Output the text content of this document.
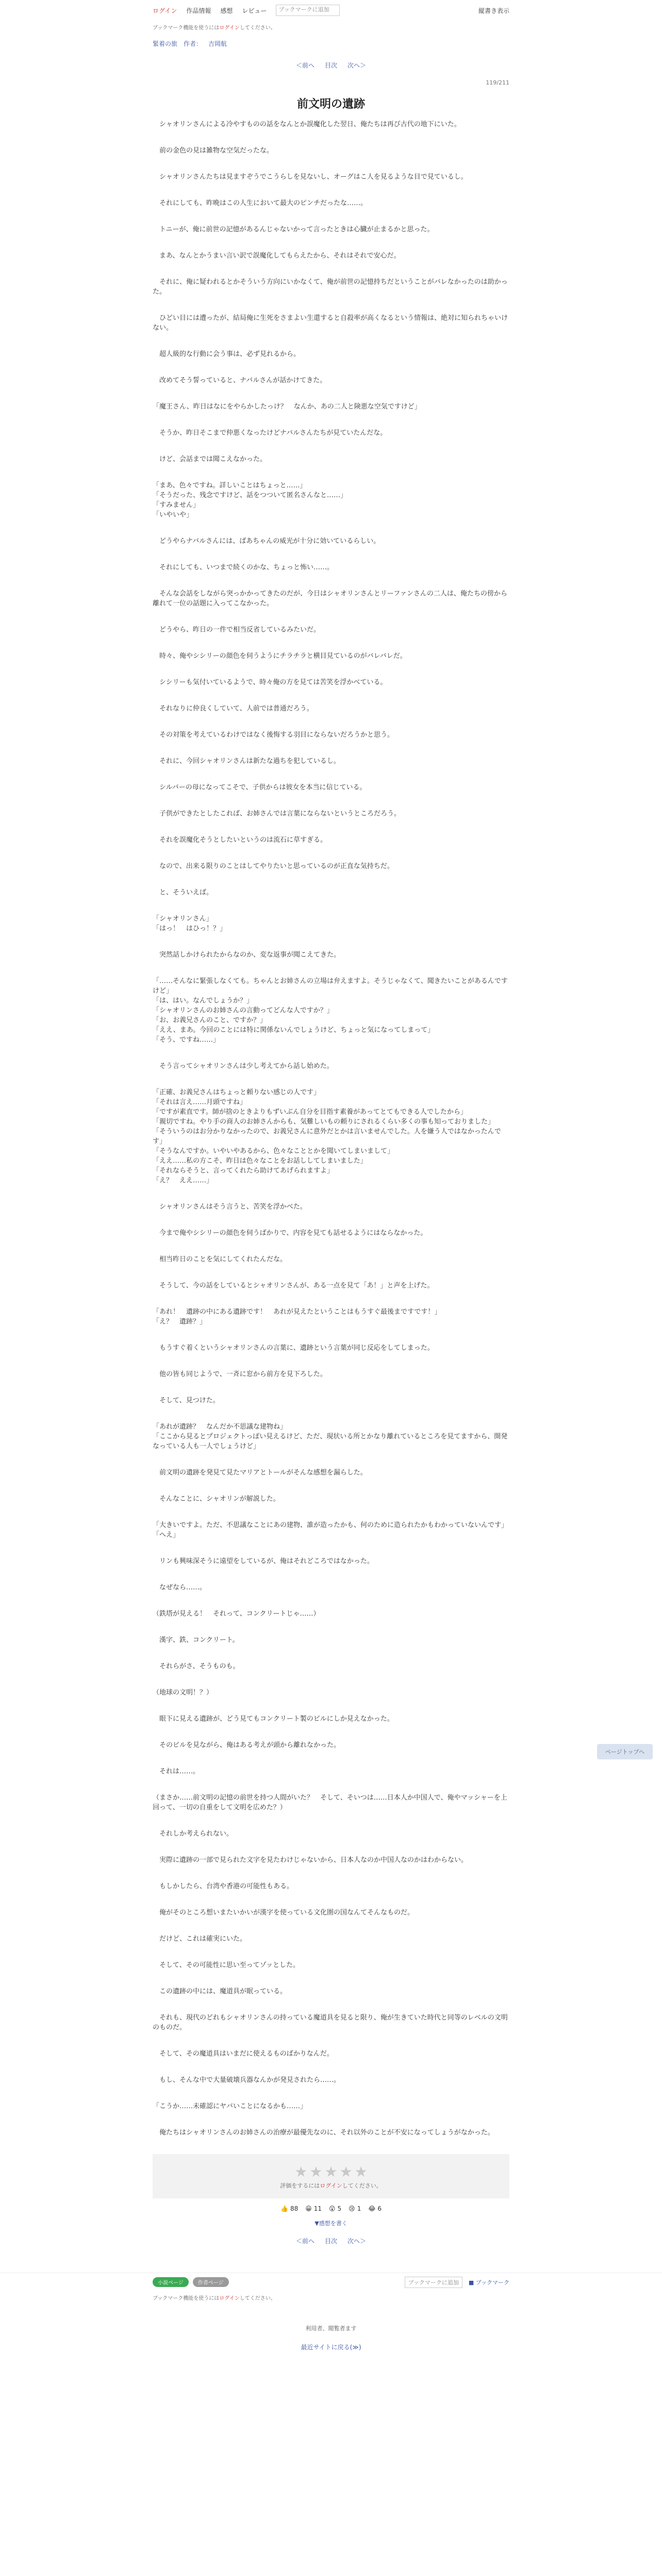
ログイン 作品情報 感想 レビュー	ブックマークに追加	縦書き表示
ブックマーク機能を使うには ログイン してください。
緊着の旅 作者： 吉岡航
＜前へ 目次 次へ＞
119/211
前文明の遺跡

　シャオリンさんによる冷やすものの話をなんとか誤魔化した翌日、俺たちは再び古代の地下にいた。

　前の金色の見は雑物な空気だったな。

　シャオリンさんたちは見ますぞうでこうらしを見ないし、オーグはこ人を見るような目で見ているし。

　それにしても、昨晩はこの人生において最大のピンチだったな……。

　トニーが、俺に前世の記憶があるんじゃないかって言ったときは心臓が止まるかと思った。

　まあ、なんとかうまい言い訳で誤魔化してもらえたから、それはそれで安心だ。

　それに、俺に疑われるとかそういう方向にいかなくて、俺が前世の記憶持ちだということがバレなかったのは助かった。

　ひどい目には遭ったが、結局俺に生死をさまよい生還すると自殺率が高くなるという情報は、絶対に知られちゃいけない。

　超人級的な行動に会う事は、必ず見れるから。

　改めてそう誓っていると、ナバルさんが話かけてきた。

「魔王さん、昨日はなにをやらかしたっけ？　なんか、あの二人と険悪な空気ですけど」

　そうか、昨日そこまで仲悪くなったけどナバルさんたちが見ていたんだな。

　けど、会話までは聞こえなかった。

「まあ、色々ですね。詳しいことはちょっと……」
「そうだった、残念ですけど、話をつついて匿名さんなと……」
「すみません」
「いやいや」

　どうやらナバルさんには、ばあちゃんの威光が十分に効いているらしい。

　それにしても、いつまで続くのかな、ちょっと怖い……。

　そんな会話をしながら突っかかってきたのだが、今日はシャオリンさんとリーファンさんの二人は、俺たちの傍から離れて一位の話題に入ってこなかった。

　どうやら、昨日の一件で相当反省しているみたいだ。

　時々、俺やシシリーの顔色を伺うようにチラチラと横目見ているのがバレバレだ。

　シシリーも気付いているようで、時々俺の方を見ては苦笑を浮かべている。

　それなりに仲良くしていて、人前では普通だろう。

　その対策を考えているわけではなく後悔する羽目にならないだろうかと思う。

　それに、今回シャオリンさんは新たな過ちを犯しているし。

　シルバーの母になってこそで、子供からは彼女を本当に信じている。

　子供ができたとしたこれば、お姉さんでは言葉にならないというところだろう。

　それを誤魔化そうとしたいというのは流石に草すぎる。

　なので、出来る限りのことはしてやりたいと思っているのが正直な気持ちだ。

　と、そういえば。

「シャオリンさん」
「はっ！　はひっ！？」

　突然話しかけられたからなのか、変な返事が聞こえてきた。

「……そんなに緊張しなくても。ちゃんとお姉さんの立場は弁えますよ。そうじゃなくて、聞きたいことがあるんですけど」
「は、はい。なんでしょうか？」
「シャオリンさんのお姉さんの言動ってどんな人ですか？」
「お、お義兄さんのこと、ですか？」
「ええ、まあ。今回のことには特に関係ないんでしょうけど、ちょっと気になってしまって」
「そう、ですね……」

　そう言ってシャオリンさんは少し考えてから話し始めた。

「正確、お義兄さんはちょっと頼りない感じの人です」
「それは言え……月頭ですね」
「ですが素直です。師が捨のときよりもずいぶん自分を目指す素養があってとてもできる人でしたから」
「親切ですね。やり手の商人のお姉さんからも、気難しいもの頼りにされるくらい多くの事も知っておりました」
「そういうのはお分かりなかったので、お義兄さんに意外だとかは言いませんでした。人を嫌う人ではなかったんです」
「そうなんですか。いやいやあるから、色々なこととかを聞いてしまいまして」
「ええ……私の方こそ、昨日は色々なことをお話ししてしまいました」
「それならそうと、言ってくれたら助けてあげられますよ」
「え？　ええ……」

　シャオリンさんはそう言うと、苦笑を浮かべた。

　今まで俺やシシリーの顔色を伺うばかりで、内容を見ても話せるようにはならなかった。

　相当昨日のことを気にしてくれたんだな。

　そうして、今の話をしているとシャオリンさんが、ある一点を見て「あ！」と声を上げた。

「あれ！　遺跡の中にある遺跡です！　あれが見えたということはもうすぐ最後まですです！」
「え？　遺跡？」

　もうすぐ着くというシャオリンさんの言葉に、遺跡という言葉が同じ反応をしてしまった。

　他の皆も同じようで、一斉に窓から前方を見下ろした。

　そして、見つけた。

「あれが遺跡？　なんだか不思議な建物ね」
「ここから見るとプロジェクトっぽい見えるけど、ただ、現状いる所とかなり離れているところを見てますから、開発なっている人も一人でしょうけど」

　前文明の遺跡を発見て見たマリアとトールがそんな感想を漏らした。

　そんなことに、シャオリンが解説した。

「大きいですよ。ただ、不思議なことにあの建物、誰が造ったかも、何のために造られたかもわかっていないんです」
「へえ」

　リンも興味深そうに遠望をしているが、俺はそれどころではなかった。

　なぜなら……。

（鉄塔が見える！　それって、コンクリートじゃ……）

　漢字、鉄、コンクリート。

　それらがさ、そうものも。

（地球の文明！？）

　眼下に見える遺跡が、どう見てもコンクリート製のビルにしか見えなかった。

　そのビルを見ながら、俺はある考えが頭から離れなかった。

　それは……。

（まさか……前文明の記憶の前世を持つ人間がいた？　そして、そいつは……日本人か中国人で、俺やマッシャーを上回って、一切の自重をして文明を広めた？）

　それしか考えられない。

　実際に遺跡の一部で見られた文字を見たわけじゃないから、日本人なのか中国人なのかはわからない。

　もしかしたら、台湾や香港の可能性もある。

　俺がそのところ想いまたいかいが漢字を使っている文化圏の国なんてそんなものだ。

　だけど、これは確実にいた。

　そして、その可能性に思い至ってゾッとした。

　この遺跡の中には、魔道具が眠っている。

　それも、現代のどれもシャオリンさんの持っている魔道具を見ると限り、俺が生きていた時代と同等のレベルの文明のものだ。

　そして、その魔道具はいまだに使えるものばかりなんだ。

　もし、そんな中で大量破壊兵器なんかが発見されたら……。

「こうか……未確認にヤバいことになるかも……」

　俺たちはシャオリンさんのお姉さんの治療が最優先なのに、それ以外のことが不安になってしょうがなかった。

★ ★ ★ ★ ★
評価をするにはログインしてください。
👍 88 😀 11 😮 5 😢 1 😂 6
▼感想を書く
＜前へ 目次 次へ＞
小説ページ	作者ページ	ブックマークに追加	■ ブックマーク
ブックマーク機能を使うには ログイン してください。
利用者、閲覧者ます
最近サイトに戻る(≫)
ページトップへ
